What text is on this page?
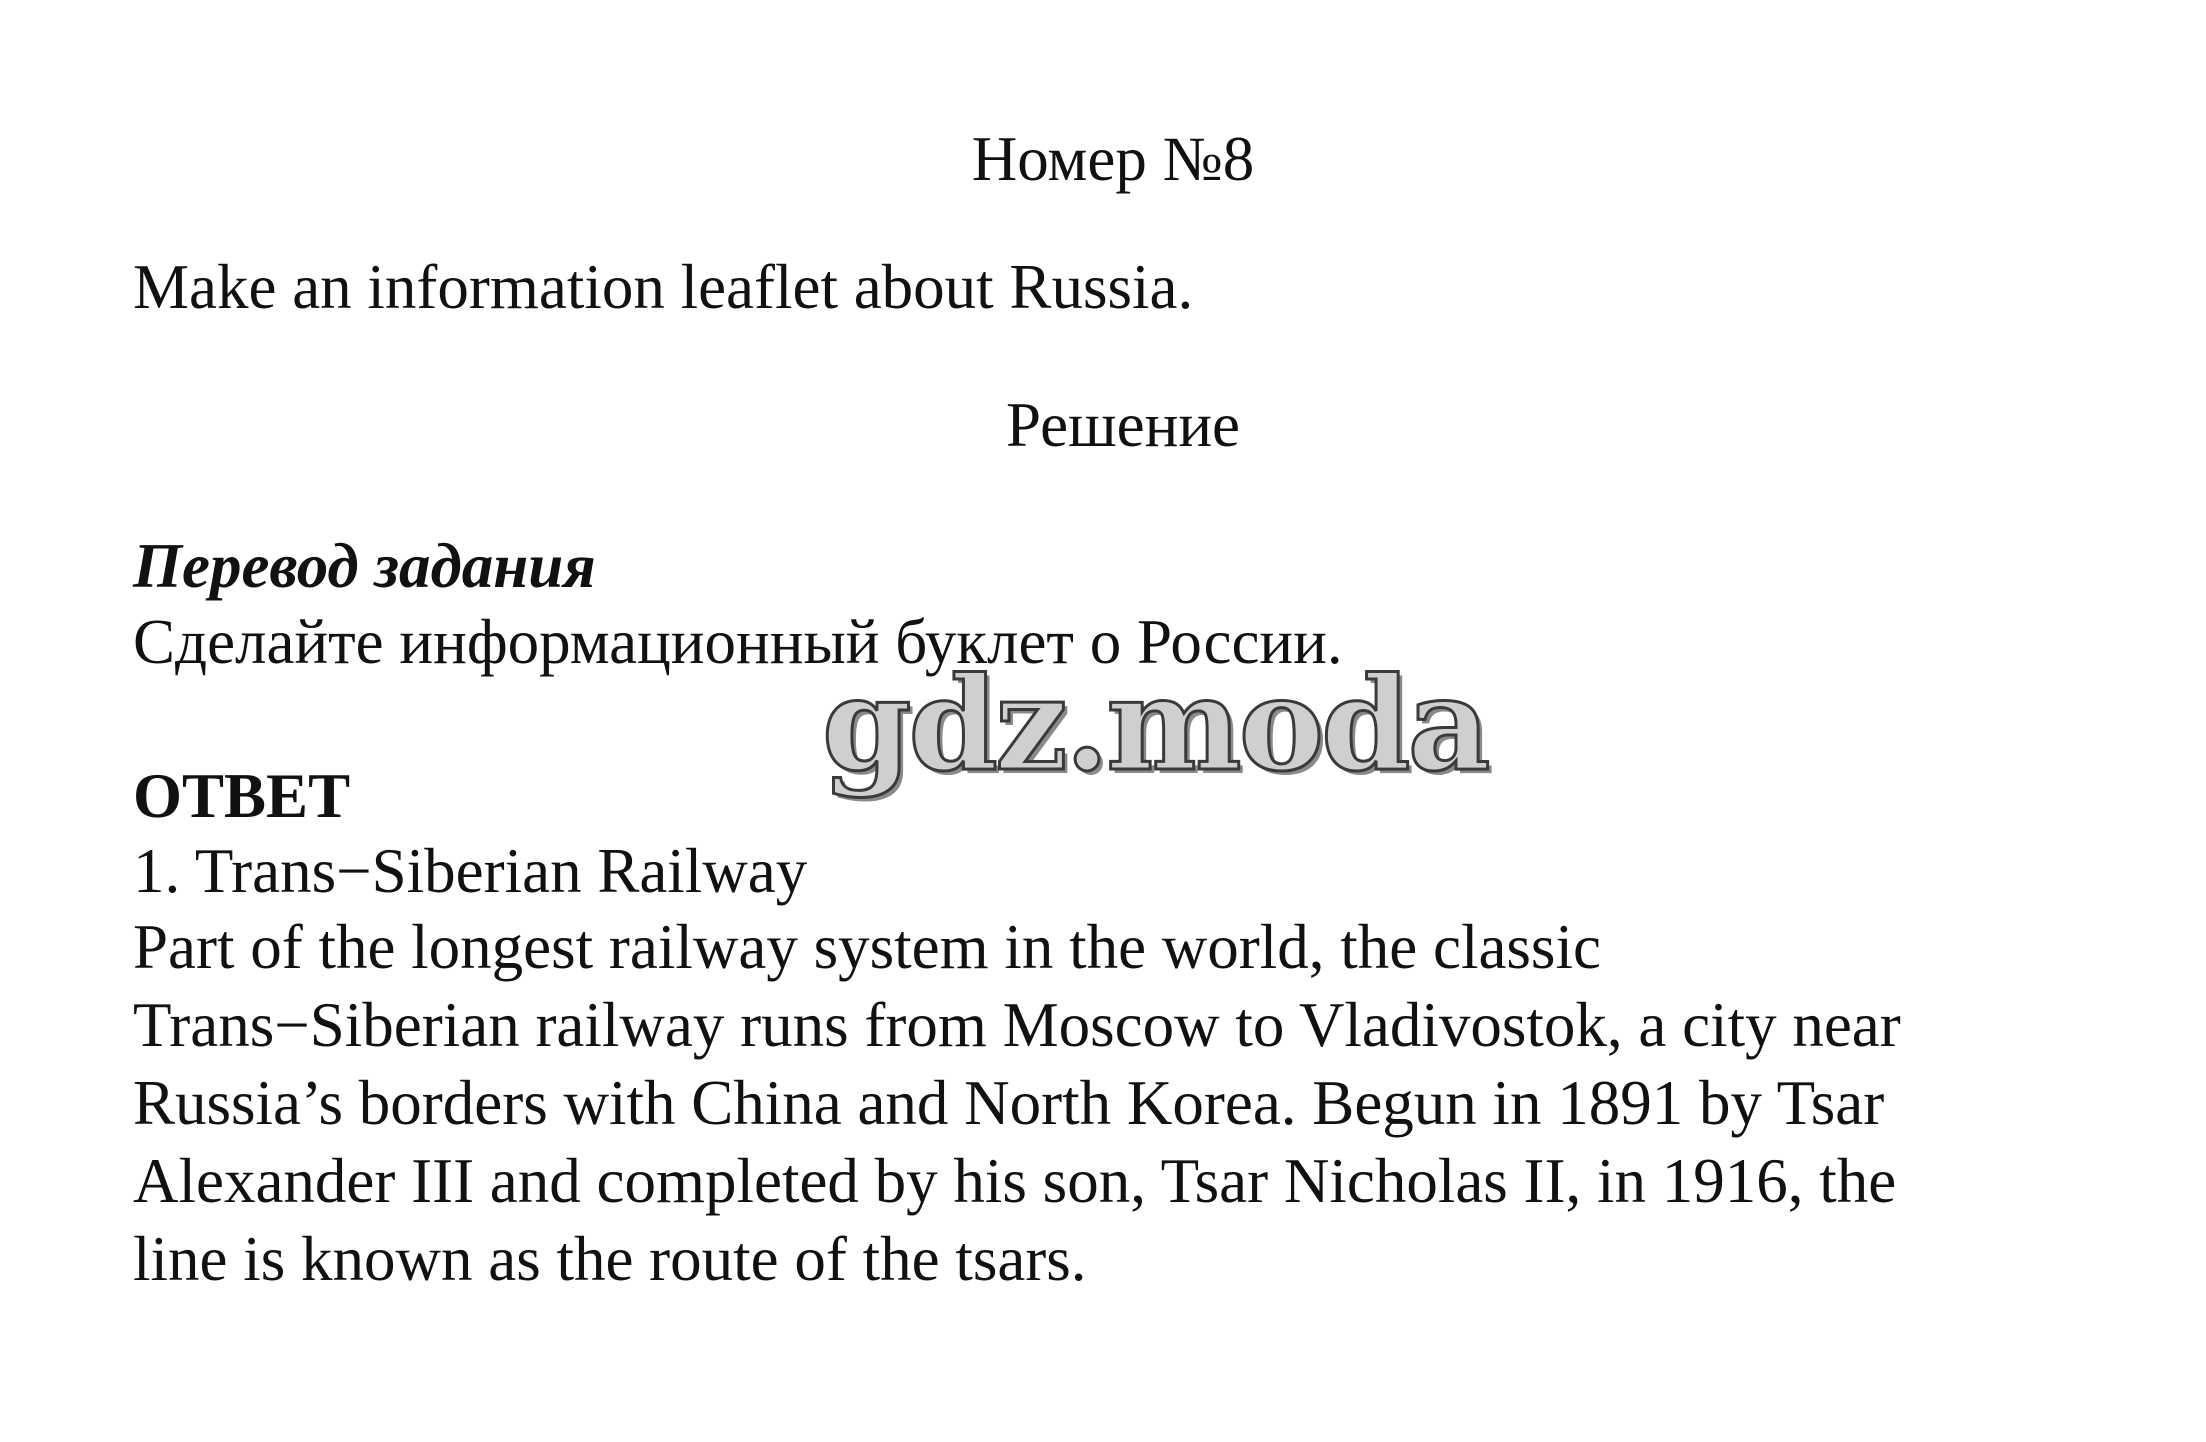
Номер №8
Make an information leaflet about Russia.
Решение
Перевод задания
Сделайте информационный буклет о России.
gdz.moda
ОТВЕТ
1. Trans−Siberian Railway
Part of the longest railway system in the world, the classic
Trans−Siberian railway runs from Moscow to Vladivostok, a city near
Russia’s borders with China and North Korea. Begun in 1891 by Tsar
Alexander III and completed by his son, Tsar Nicholas II, in 1916, the
line is known as the route of the tsars.
